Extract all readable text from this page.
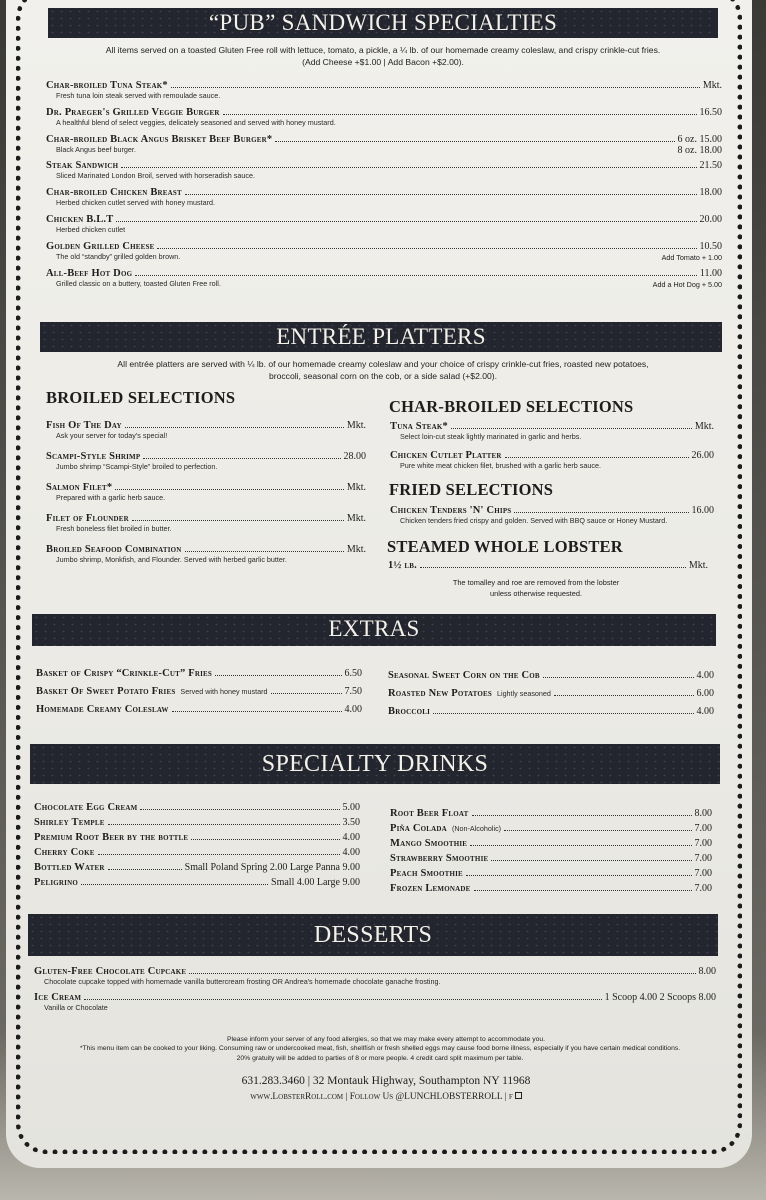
“PUB” SANDWICH SPECIALTIES
All items served on a toasted Gluten Free roll with lettuce, tomato, a pickle, a ¼ lb. of our homemade creamy coleslaw, and crispy crinkle-cut fries.
(Add Cheese +$1.00 | Add Bacon +$2.00).
Char-broiled Tuna Steak*	Mkt.
Fresh tuna loin steak served with remoulade sauce.
Dr. Praeger's Grilled Veggie Burger	16.50
A healthful blend of select veggies, delicately seasoned and served with honey mustard.
Char-broiled Black Angus Brisket Beef Burger*	6 oz. 15.00
Black Angus beef burger.	8 oz. 18.00
Steak Sandwich	21.50
Sliced Marinated London Broil, served with horseradish sauce.
Char-broiled Chicken Breast	18.00
Herbed chicken cutlet served with honey mustard.
Chicken B.L.T	20.00
Herbed chicken cutlet
Golden Grilled Cheese	10.50
The old “standby” grilled golden brown.	Add Tomato + 1.00
All-Beef Hot Dog	11.00
Grilled classic on a buttery, toasted Gluten Free roll.	Add a Hot Dog + 5.00
ENTRÉE PLATTERS
All entrée platters are served with ¼ lb. of our homemade creamy coleslaw and your choice of crispy crinkle-cut fries, roasted new potatoes,
broccoli, seasonal corn on the cob, or a side salad (+$2.00).
BROILED SELECTIONS
Fish Of The Day	Mkt.
Ask your server for today's special!
Scampi-Style Shrimp	28.00
Jumbo shrimp “Scampi-Style” broiled to perfection.
Salmon Filet*	Mkt.
Prepared with a garlic herb sauce.
Filet of Flounder	Mkt.
Fresh boneless filet broiled in butter.
Broiled Seafood Combination	Mkt.
Jumbo shrimp, Monkfish, and Flounder. Served with herbed garlic butter.
CHAR-BROILED SELECTIONS
Tuna Steak*	Mkt.
Select loin-cut steak lightly marinated in garlic and herbs.
Chicken Cutlet Platter	26.00
Pure white meat chicken filet, brushed with a garlic herb sauce.
FRIED SELECTIONS
Chicken Tenders 'N' Chips	16.00
Chicken tenders fried crispy and golden. Served with BBQ sauce or Honey Mustard.
STEAMED WHOLE LOBSTER
1½ lb.	Mkt.
The tomalley and roe are removed from the lobster
unless otherwise requested.
EXTRAS
Basket of Crispy “Crinkle-Cut” Fries	6.50
Basket Of Sweet Potato Fries Served with honey mustard	7.50
Homemade Creamy Coleslaw	4.00
Seasonal Sweet Corn on the Cob	4.00
Roasted New Potatoes Lightly seasoned	6.00
Broccoli	4.00
SPECIALTY DRINKS
Chocolate Egg Cream	5.00
Shirley Temple	3.50
Premium Root Beer by the bottle	4.00
Cherry Coke	4.00
Bottled Water	Small Poland Spring 2.00 Large Panna 9.00
Peligrino	Small 4.00 Large 9.00
Root Beer Float	8.00
Piña Colada (Non-Alcoholic)	7.00
Mango Smoothie	7.00
Strawberry Smoothie	7.00
Peach Smoothie	7.00
Frozen Lemonade	7.00
DESSERTS
Gluten-Free Chocolate Cupcake	8.00
Chocolate cupcake topped with homemade vanilla buttercream frosting OR Andrea's homemade chocolate ganache frosting.
Ice Cream	1 Scoop 4.00 2 Scoops 8.00
Vanilla or Chocolate
Please inform your server of any food allergies, so that we may make every attempt to accommodate you.
*This menu item can be cooked to your liking. Consuming raw or undercooked meat, fish, shellfish or fresh shelled eggs may cause food borne illness, especially if you have certain medical conditions.
20% gratuity will be added to parties of 8 or more people. 4 credit card split maximum per table.
631.283.3460 | 32 Montauk Highway, Southampton NY 11968
www.LobsterRoll.com | Follow Us @LUNCHLOBSTERROLL | f
